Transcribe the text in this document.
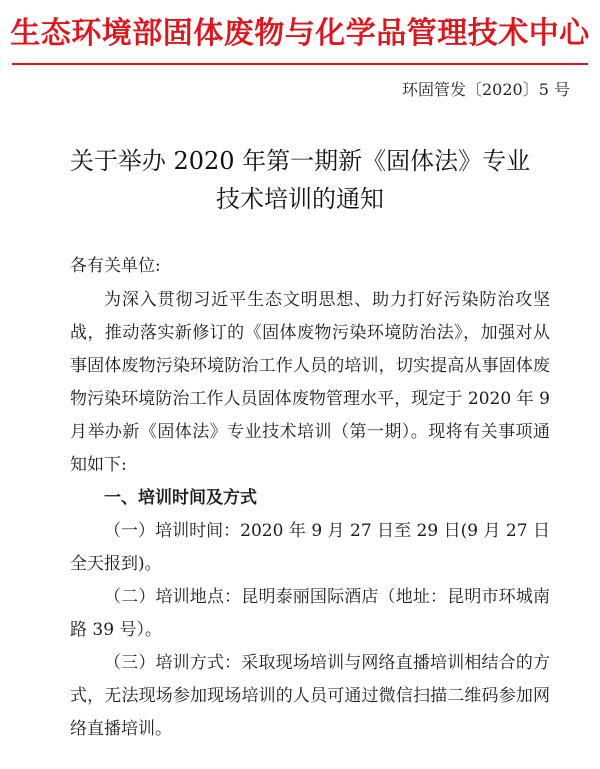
生态环境部固体废物与化学品管理技术中心
环固管发〔2020〕5 号
关于举办 2020 年第一期新《固体法》专业
技术培训的通知

各有关单位:

为深入贯彻习近平生态文明思想、助力打好污染防治攻坚战，推动落实新修订的《固体废物污染环境防治法》，加强对从事固体废物污染环境防治工作人员的培训，切实提高从事固体废物污染环境防治工作人员固体废物管理水平，现定于 2020 年 9 月举办新《固体法》专业技术培训（第一期）。现将有关事项通知如下:

一、培训时间及方式

（一）培训时间：2020 年 9 月 27 日至 29 日(9 月 27 日全天报到)。

（二）培训地点：昆明泰丽国际酒店（地址：昆明市环城南路 39 号）。

（三）培训方式：采取现场培训与网络直播培训相结合的方式，无法现场参加现场培训的人员可通过微信扫描二维码参加网络直播培训。
